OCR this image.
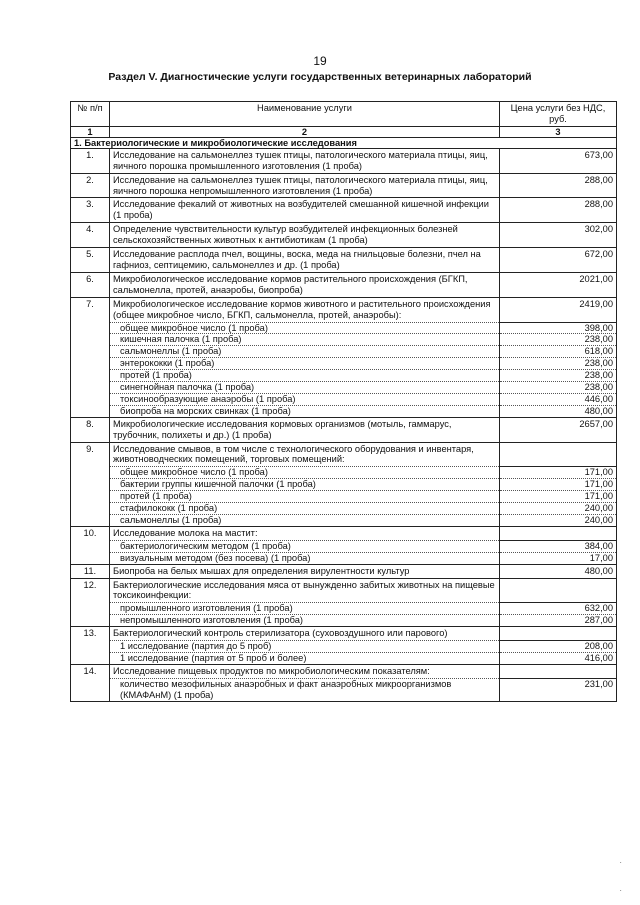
19
Раздел V. Диагностические услуги государственных ветеринарных лабораторий
№ п/п	Наименование услуги	Цена услуги без НДС, руб.
1	2	3
1. Бактериологические и микробиологические исследования		
1.	Исследование на сальмонеллез тушек птицы, патологического материала птицы, яиц, яичного порошка промышленного изготовления (1 проба)	673,00
2.	Исследование на сальмонеллез тушек птицы, патологического материала птицы, яиц, яичного порошка непромышленного изготовления (1 проба)	288,00
3.	Исследование фекалий от животных на возбудителей смешанной кишечной инфекции (1 проба)	288,00
4.	Определение чувствительности культур возбудителей инфекционных болезней сельскохозяйственных животных к антибиотикам (1 проба)	302,00
5.	Исследование расплода пчел, вощины, воска, меда на гнильцовые болезни, пчел на гафниоз, септицемию, сальмонеллез и др. (1 проба)	672,00
6.	Микробиологическое исследование кормов растительного происхождения (БГКП, сальмонелла, протей, анаэробы, биопроба)	2021,00
7.	Микробиологическое исследование кормов животного и растительного происхождения (общее микробное число, БГКП, сальмонелла, протей, анаэробы):	2419,00
	общее микробное число (1 проба)	398,00
	кишечная палочка (1 проба)	238,00
	сальмонеллы (1 проба)	618,00
	энтерококки (1 проба)	238,00
	протей (1 проба)	238,00
	синегнойная палочка (1 проба)	238,00
	токсинообразующие анаэробы (1 проба)	446,00
	биопроба на морских свинках (1 проба)	480,00
8.	Микробиологические исследования кормовых организмов (мотыль, гаммарус, трубочник, полихеты и др.) (1 проба)	2657,00
9.	Исследование смывов, в том числе с технологического оборудования и инвентаря, животноводческих помещений, торговых помещений:	
	общее микробное число (1 проба)	171,00
	бактерии группы кишечной палочки (1 проба)	171,00
	протей (1 проба)	171,00
	стафилококк (1 проба)	240,00
	сальмонеллы (1 проба)	240,00
10.	Исследование молока на мастит:	
	бактериологическим методом (1 проба)	384,00
	визуальным методом (без посева) (1 проба)	17,00
11.	Биопроба на белых мышах для определения вирулентности культур	480,00
12.	Бактериологические исследования мяса от вынужденно забитых животных на пищевые токсикоинфекции:	
	промышленного изготовления (1 проба)	632,00
	непромышленного изготовления (1 проба)	287,00
13.	Бактериологический контроль стерилизатора (суховоздушного или парового)	
	1 исследование (партия до 5 проб)	208,00
	1 исследование (партия от 5 проб и более)	416,00
14.	Исследование пищевых продуктов по микробиологическим показателям:	
	количество мезофильных анаэробных и факт анаэробных микроорганизмов (КМАФАнМ) (1 проба)	231,00
·
·
